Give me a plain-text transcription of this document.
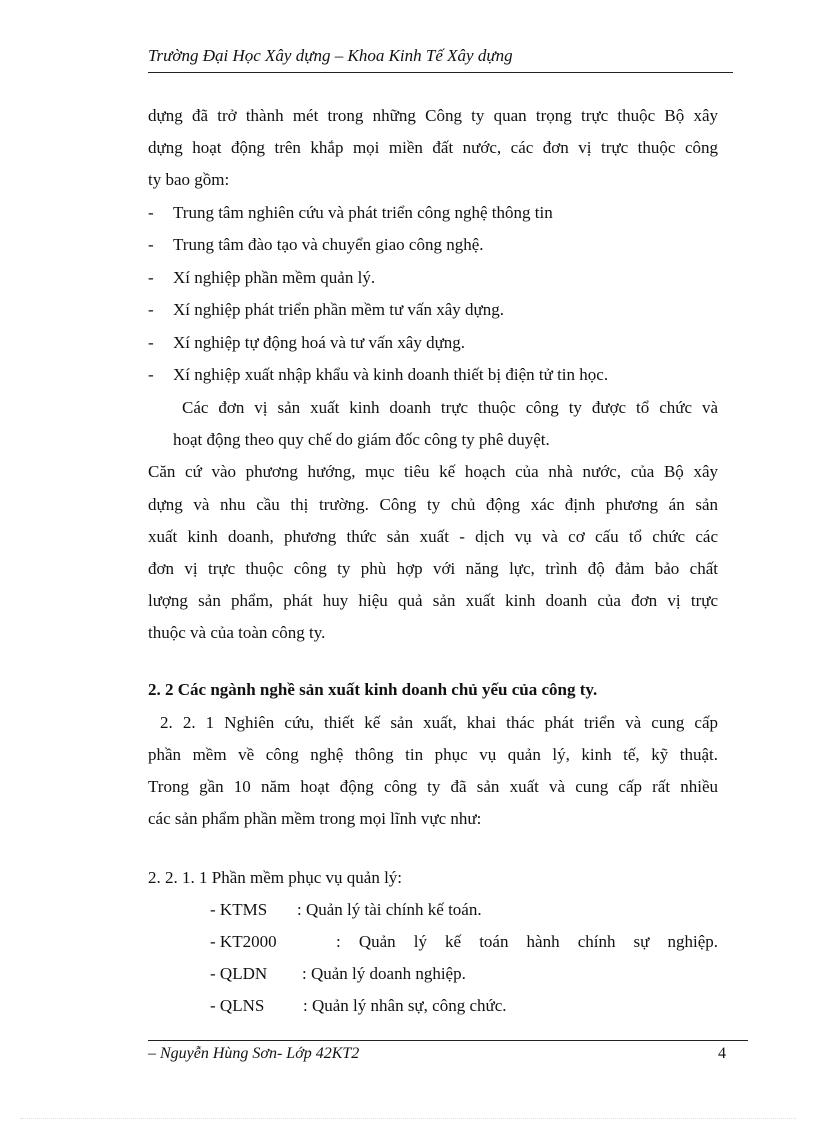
Trường Đại Học Xây dựng – Khoa Kinh Tế Xây dựng
dựng đã trở thành mét trong những Công ty quan trọng trực thuộc Bộ xây
dựng hoạt động trên khắp mọi miền đất nước, các đơn vị trực thuộc công
ty bao gồm:
- Trung tâm nghiên cứu và phát triển công nghệ thông tin
- Trung tâm đào tạo và chuyển giao công nghệ.
- Xí nghiệp phần mềm quản lý.
- Xí nghiệp phát triển phần mềm tư vấn xây dựng.
- Xí nghiệp tự động hoá và tư vấn xây dựng.
- Xí nghiệp xuất nhập khẩu và kinh doanh thiết bị điện tử tin học.
Các đơn vị sản xuất kinh doanh trực thuộc công ty được tổ chức và
hoạt động theo quy chế do giám đốc công ty phê duyệt.
Căn cứ vào phương hướng, mục tiêu kế hoạch của nhà nước, của Bộ xây
dựng và nhu cầu thị trường. Công ty chủ động xác định phương án sản
xuất kinh doanh, phương thức sản xuất - dịch vụ và cơ cấu tổ chức các
đơn vị trực thuộc công ty phù hợp với năng lực, trình độ đảm bảo chất
lượng sản phẩm, phát huy hiệu quả sản xuất kinh doanh của đơn vị trực
thuộc và của toàn công ty.
2. 2 Các ngành nghề sản xuất kinh doanh chủ yếu của công ty.
2. 2. 1 Nghiên cứu, thiết kế sản xuất, khai thác phát triển và cung cấp
phần mềm về công nghệ thông tin phục vụ quản lý, kinh tế, kỹ thuật.
Trong gần 10 năm hoạt động công ty đã sản xuất và cung cấp rất nhiều
các sản phẩm phần mềm trong mọi lĩnh vực như:
2. 2. 1. 1 Phần mềm phục vụ quản lý:
- KTMS : Quản lý tài chính kế toán.
- KT2000	: Quản lý kế toán hành chính sự nghiệp.
- QLDN : Quản lý doanh nghiệp.
- QLNS : Quản lý nhân sự, công chức.
– Nguyễn Hùng Sơn- Lớp 42KT2	4
